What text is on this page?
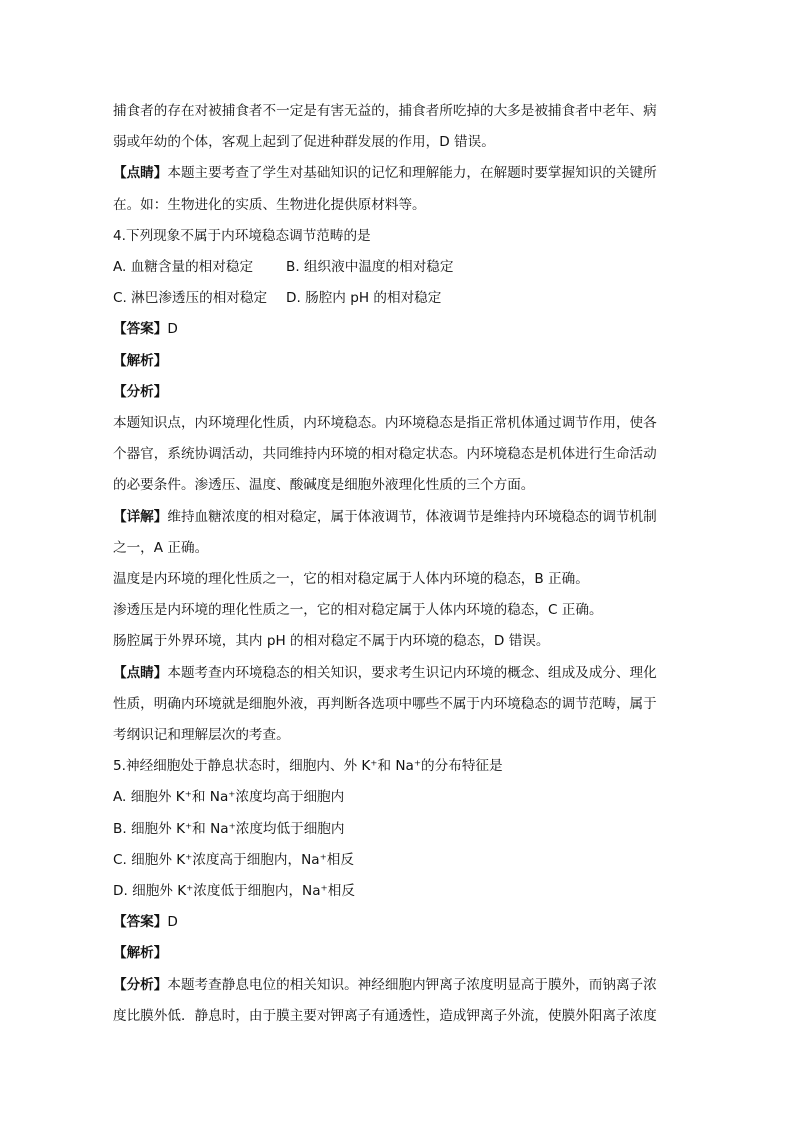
捕食者的存在对被捕食者不一定是有害无益的，捕食者所吃掉的大多是被捕食者中老年、病

弱或年幼的个体，客观上起到了促进种群发展的作用，D 错误。

【点睛】本题主要考查了学生对基础知识的记忆和理解能力，在解题时要掌握知识的关键所

在。如：生物进化的实质、生物进化提供原材料等。

4.下列现象不属于内环境稳态调节范畴的是

A. 血糖含量的相对稳定	B. 组织液中温度的相对稳定

C. 淋巴渗透压的相对稳定	D. 肠腔内 pH 的相对稳定

【答案】D

【解析】

【分析】

本题知识点，内环境理化性质，内环境稳态。内环境稳态是指正常机体通过调节作用，使各

个器官，系统协调活动，共同维持内环境的相对稳定状态。内环境稳态是机体进行生命活动

的必要条件。渗透压、温度、酸碱度是细胞外液理化性质的三个方面。

【详解】维持血糖浓度的相对稳定，属于体液调节，体液调节是维持内环境稳态的调节机制

之一，A 正确。

温度是内环境的理化性质之一，它的相对稳定属于人体内环境的稳态，B 正确。

渗透压是内环境的理化性质之一，它的相对稳定属于人体内环境的稳态，C 正确。

肠腔属于外界环境，其内 pH 的相对稳定不属于内环境的稳态，D 错误。

【点睛】本题考查内环境稳态的相关知识，要求考生识记内环境的概念、组成及成分、理化

性质，明确内环境就是细胞外液，再判断各选项中哪些不属于内环境稳态的调节范畴，属于

考纲识记和理解层次的考查。

5.神经细胞处于静息状态时，细胞内、外 K⁺和 Na⁺的分布特征是

A. 细胞外 K⁺和 Na⁺浓度均高于细胞内

B. 细胞外 K⁺和 Na⁺浓度均低于细胞内

C. 细胞外 K⁺浓度高于细胞内，Na⁺相反

D. 细胞外 K⁺浓度低于细胞内，Na⁺相反

【答案】D

【解析】

【分析】本题考查静息电位的相关知识。神经细胞内钾离子浓度明显高于膜外，而钠离子浓

度比膜外低．静息时，由于膜主要对钾离子有通透性，造成钾离子外流，使膜外阳离子浓度
